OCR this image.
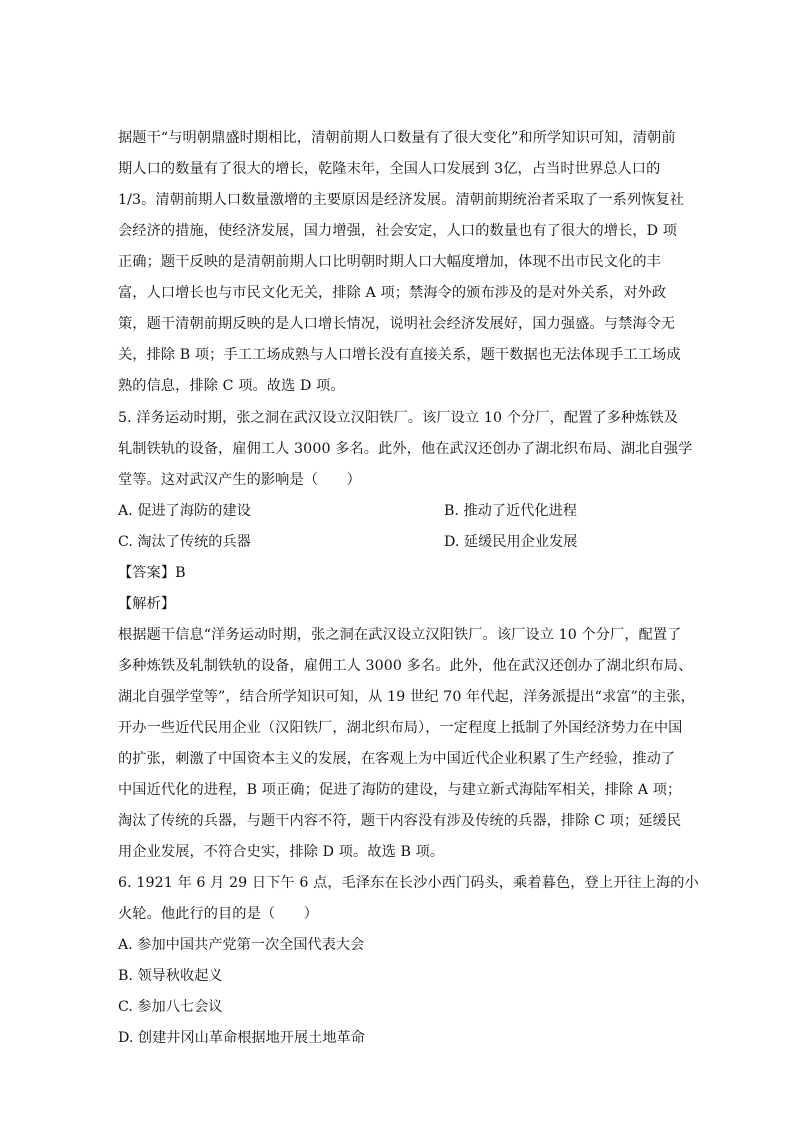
据题干“与明朝鼎盛时期相比，清朝前期人口数量有了很大变化”和所学知识可知，清朝前
期人口的数量有了很大的增长，乾隆末年，全国人口发展到 3亿，占当时世界总人口的
1/3。清朝前期人口数量激增的主要原因是经济发展。清朝前期统治者采取了一系列恢复社
会经济的措施，使经济发展，国力增强，社会安定，人口的数量也有了很大的增长，D 项
正确；题干反映的是清朝前期人口比明朝时期人口大幅度增加，体现不出市民文化的丰
富，人口增长也与市民文化无关，排除 A 项；禁海令的颁布涉及的是对外关系，对外政
策，题干清朝前期反映的是人口增长情况，说明社会经济发展好，国力强盛。与禁海令无
关，排除 B 项；手工工场成熟与人口增长没有直接关系，题干数据也无法体现手工工场成
熟的信息，排除 C 项。故选 D 项。
5. 洋务运动时期，张之洞在武汉设立汉阳铁厂。该厂设立 10 个分厂，配置了多种炼铁及
轧制铁轨的设备，雇佣工人 3000 多名。此外，他在武汉还创办了湖北织布局、湖北自强学
堂等。这对武汉产生的影响是（　　）
A. 促进了海防的建设	B. 推动了近代化进程
C. 淘汰了传统的兵器	D. 延缓民用企业发展
【答案】B
【解析】
根据题干信息“洋务运动时期，张之洞在武汉设立汉阳铁厂。该厂设立 10 个分厂，配置了
多种炼铁及轧制铁轨的设备，雇佣工人 3000 多名。此外，他在武汉还创办了湖北织布局、
湖北自强学堂等”，结合所学知识可知，从 19 世纪 70 年代起，洋务派提出“求富”的主张，
开办一些近代民用企业（汉阳铁厂，湖北织布局），一定程度上抵制了外国经济势力在中国
的扩张，刺激了中国资本主义的发展，在客观上为中国近代企业积累了生产经验，推动了
中国近代化的进程，B 项正确；促进了海防的建设，与建立新式海陆军相关，排除 A 项；
淘汰了传统的兵器，与题干内容不符，题干内容没有涉及传统的兵器，排除 C 项；延缓民
用企业发展，不符合史实，排除 D 项。故选 B 项。
6. 1921 年 6 月 29 日下午 6 点，毛泽东在长沙小西门码头，乘着暮色，登上开往上海的小
火轮。他此行的目的是（　　）
A. 参加中国共产党第一次全国代表大会
B. 领导秋收起义
C. 参加八七会议
D. 创建井冈山革命根据地开展土地革命
